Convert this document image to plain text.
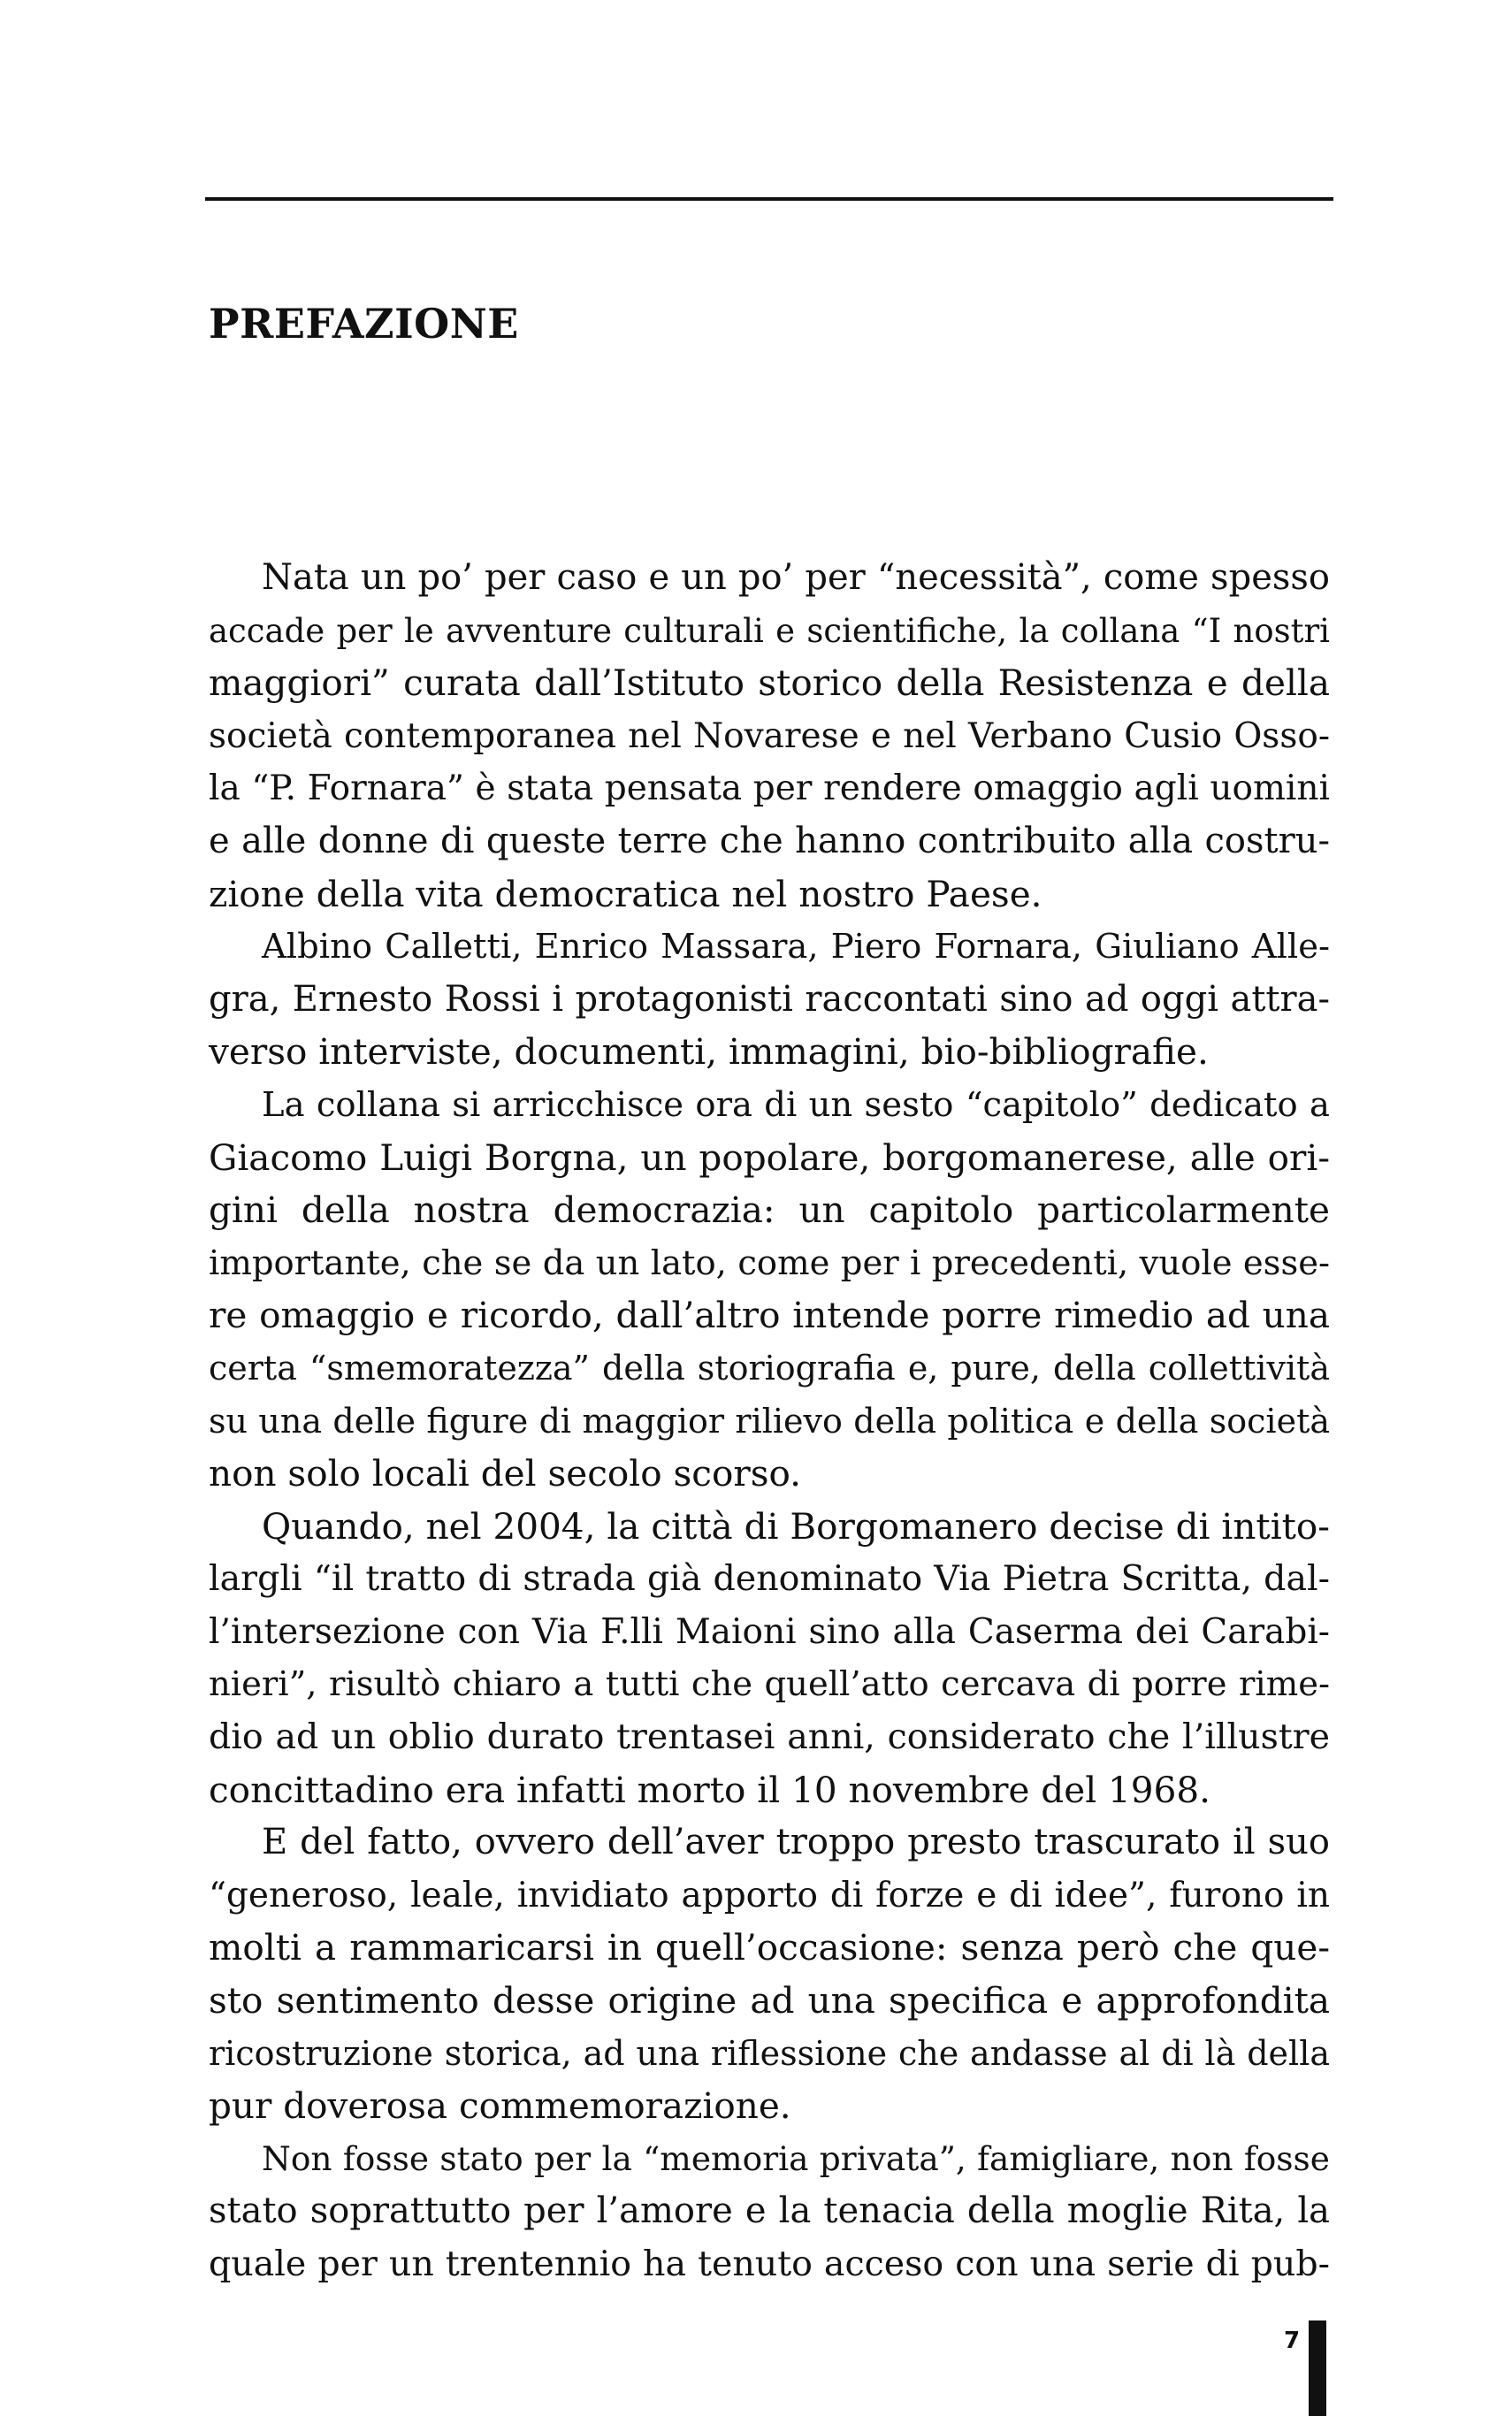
PREFAZIONE

Nata un po’ per caso e un po’ per “necessità”, come spesso
accade per le avventure culturali e scientifiche, la collana “I nostri
maggiori” curata dall’Istituto storico della Resistenza e della
società contemporanea nel Novarese e nel Verbano Cusio Osso-
la “P. Fornara” è stata pensata per rendere omaggio agli uomini
e alle donne di queste terre che hanno contribuito alla costru-
zione della vita democratica nel nostro Paese.

Albino Calletti, Enrico Massara, Piero Fornara, Giuliano Alle-
gra, Ernesto Rossi i protagonisti raccontati sino ad oggi attra-
verso interviste, documenti, immagini, bio-bibliografie.

La collana si arricchisce ora di un sesto “capitolo” dedicato a
Giacomo Luigi Borgna, un popolare, borgomanerese, alle ori-
gini della nostra democrazia: un capitolo particolarmente
importante, che se da un lato, come per i precedenti, vuole esse-
re omaggio e ricordo, dall’altro intende porre rimedio ad una
certa “smemoratezza” della storiografia e, pure, della collettività
su una delle figure di maggior rilievo della politica e della società
non solo locali del secolo scorso.

Quando, nel 2004, la città di Borgomanero decise di intito-
largli “il tratto di strada già denominato Via Pietra Scritta, dal-
l’intersezione con Via F.lli Maioni sino alla Caserma dei Carabi-
nieri”, risultò chiaro a tutti che quell’atto cercava di porre rime-
dio ad un oblio durato trentasei anni, considerato che l’illustre
concittadino era infatti morto il 10 novembre del 1968.

E del fatto, ovvero dell’aver troppo presto trascurato il suo
“generoso, leale, invidiato apporto di forze e di idee”, furono in
molti a rammaricarsi in quell’occasione: senza però che que-
sto sentimento desse origine ad una specifica e approfondita
ricostruzione storica, ad una riflessione che andasse al di là della
pur doverosa commemorazione.

Non fosse stato per la “memoria privata”, famigliare, non fosse
stato soprattutto per l’amore e la tenacia della moglie Rita, la
quale per un trentennio ha tenuto acceso con una serie di pub-

7
